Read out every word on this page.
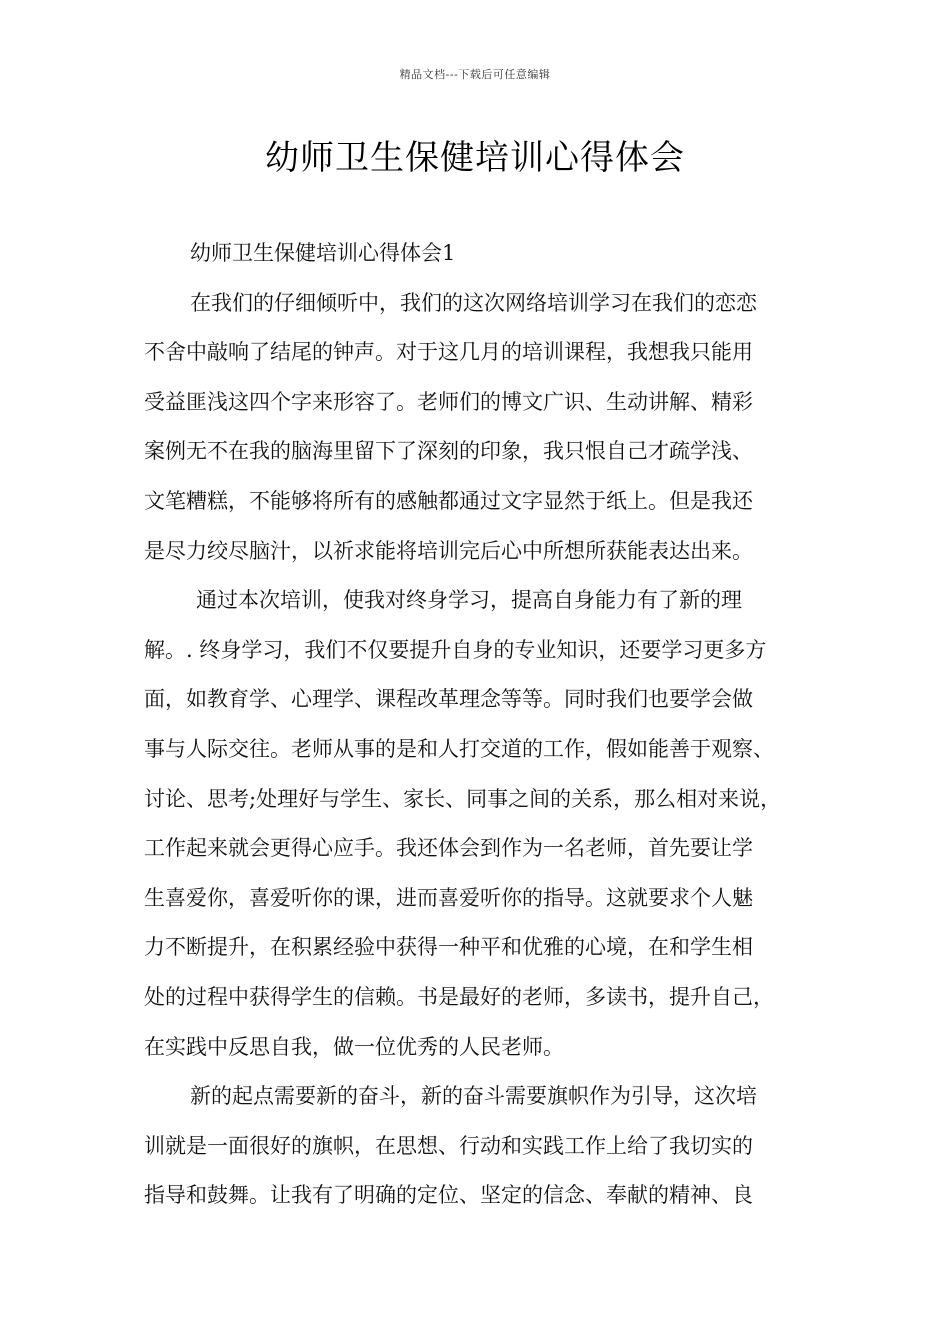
精品文档---下载后可任意编辑
幼师卫生保健培训心得体会
幼师卫生保健培训心得体会1
在我们的仔细倾听中，我们的这次网络培训学习在我们的恋恋
不舍中敲响了结尾的钟声。对于这几月的培训课程，我想我只能用
受益匪浅这四个字来形容了。老师们的博文广识、生动讲解、精彩
案例无不在我的脑海里留下了深刻的印象，我只恨自己才疏学浅、
文笔糟糕，不能够将所有的感触都通过文字显然于纸上。但是我还
是尽力绞尽脑汁，以祈求能将培训完后心中所想所获能表达出来。
通过本次培训，使我对终身学习，提高自身能力有了新的理
解。. 终身学习，我们不仅要提升自身的专业知识，还要学习更多方
面，如教育学、心理学、课程改革理念等等。同时我们也要学会做
事与人际交往。老师从事的是和人打交道的工作，假如能善于观察、
讨论、思考;处理好与学生、家长、同事之间的关系，那么相对来说，
工作起来就会更得心应手。我还体会到作为一名老师，首先要让学
生喜爱你，喜爱听你的课，进而喜爱听你的指导。这就要求个人魅
力不断提升，在积累经验中获得一种平和优雅的心境，在和学生相
处的过程中获得学生的信赖。书是最好的老师，多读书，提升自己，
在实践中反思自我，做一位优秀的人民老师。
新的起点需要新的奋斗，新的奋斗需要旗帜作为引导，这次培
训就是一面很好的旗帜，在思想、行动和实践工作上给了我切实的
指导和鼓舞。让我有了明确的定位、坚定的信念、奉献的精神、良
